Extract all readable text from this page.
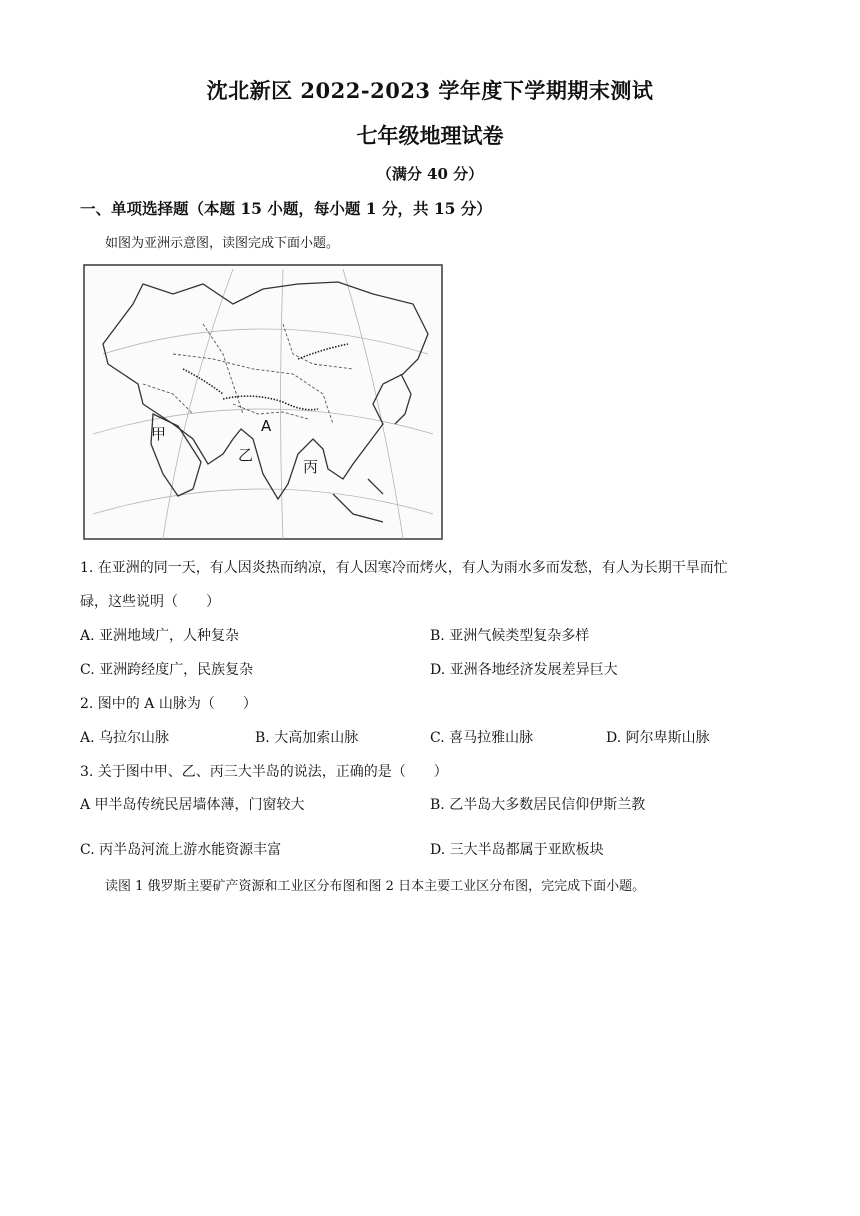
沈北新区 2022-2023 学年度下学期期末测试
七年级地理试卷
（满分 40 分）
一、单项选择题（本题 15 小题，每小题 1 分，共 15 分）
如图为亚洲示意图，读图完成下面小题。
甲	A
乙
丙
1. 在亚洲的同一天，有人因炎热而纳凉，有人因寒冷而烤火，有人为雨水多而发愁，有人为长期干旱而忙
碌，这些说明（　　）
A. 亚洲地域广，人种复杂	B. 亚洲气候类型复杂多样
C. 亚洲跨经度广，民族复杂	D. 亚洲各地经济发展差异巨大
2. 图中的 A 山脉为（　　）
A. 乌拉尔山脉	B. 大高加索山脉	C. 喜马拉雅山脉	D. 阿尔卑斯山脉
3. 关于图中甲、乙、丙三大半岛的说法，正确的是（　　）
A 甲半岛传统民居墙体薄，门窗较大	B. 乙半岛大多数居民信仰伊斯兰教
C. 丙半岛河流上游水能资源丰富	D. 三大半岛都属于亚欧板块
读图 1 俄罗斯主要矿产资源和工业区分布图和图 2 日本主要工业区分布图，完完成下面小题。
